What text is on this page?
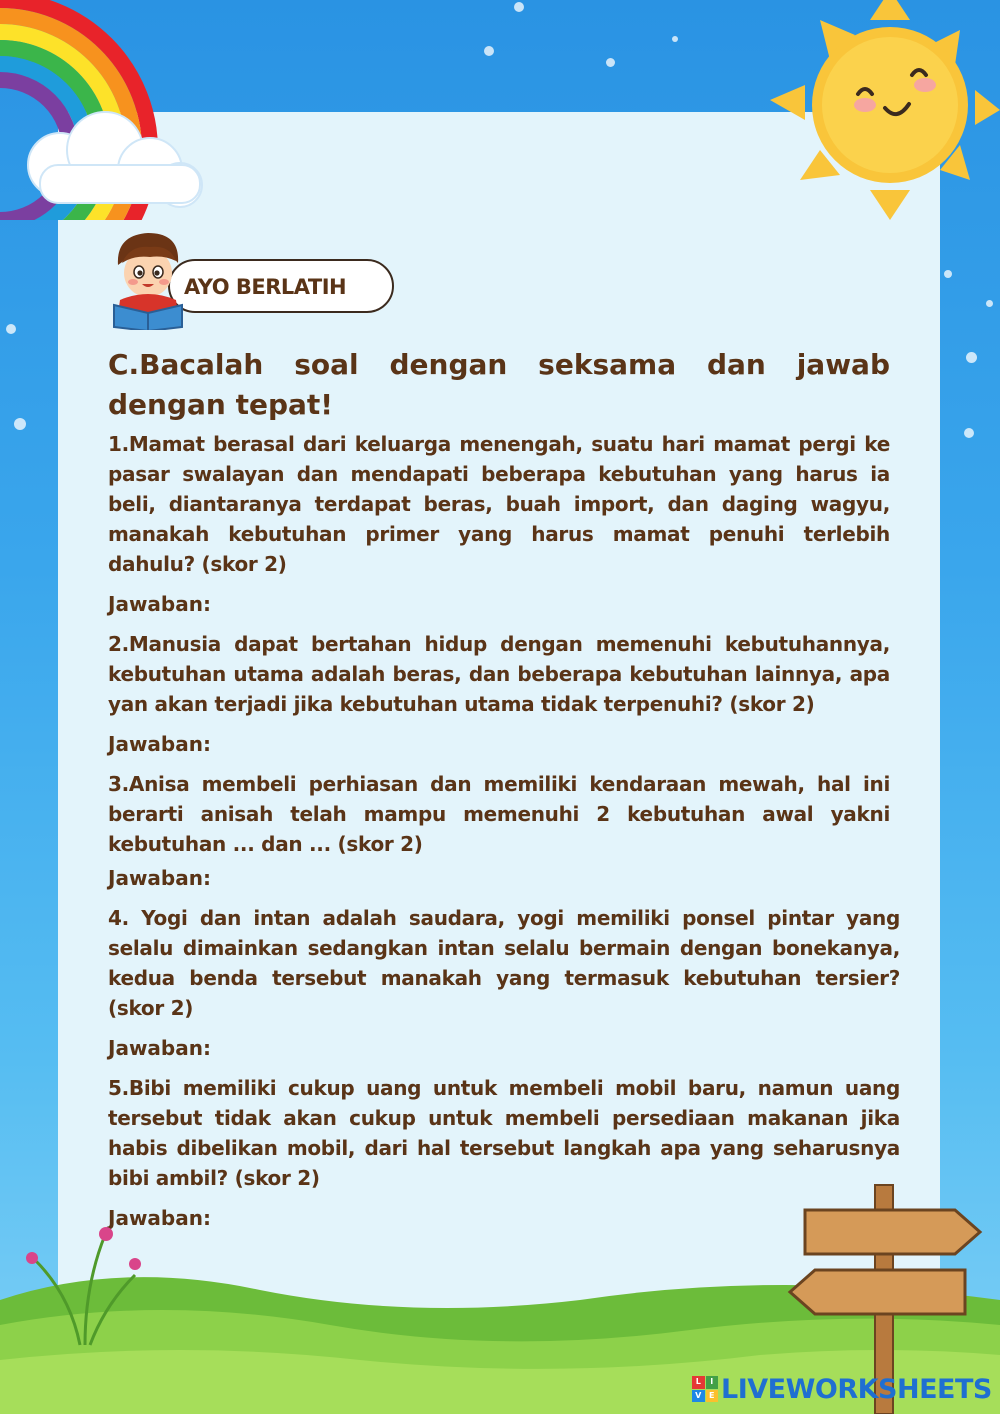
AYO BERLATIH
C.Bacalah soal dengan seksama dan jawab dengan tepat!
1.Mamat berasal dari keluarga menengah, suatu hari mamat pergi ke pasar swalayan dan mendapati beberapa kebutuhan yang harus ia beli, diantaranya terdapat beras, buah import, dan daging wagyu, manakah kebutuhan primer yang harus mamat penuhi terlebih dahulu? (skor 2)
Jawaban:
2.Manusia dapat bertahan hidup dengan memenuhi kebutuhannya, kebutuhan utama adalah beras, dan beberapa kebutuhan lainnya, apa yan akan terjadi jika kebutuhan utama tidak terpenuhi? (skor 2)
Jawaban:
3.Anisa membeli perhiasan dan memiliki kendaraan mewah, hal ini berarti anisah telah mampu memenuhi 2 kebutuhan awal yakni kebutuhan ... dan ... (skor 2)
Jawaban:
4. Yogi dan intan adalah saudara, yogi memiliki ponsel pintar yang selalu dimainkan sedangkan intan selalu bermain dengan bonekanya, kedua benda tersebut manakah yang termasuk kebutuhan tersier? (skor 2)
Jawaban:
5.Bibi memiliki cukup uang untuk membeli mobil baru, namun uang tersebut tidak akan cukup untuk membeli persediaan makanan jika habis dibelikan mobil, dari hal tersebut langkah apa yang seharusnya bibi ambil? (skor 2)
Jawaban:
L	I
V E LIVEWORKSHEETS
